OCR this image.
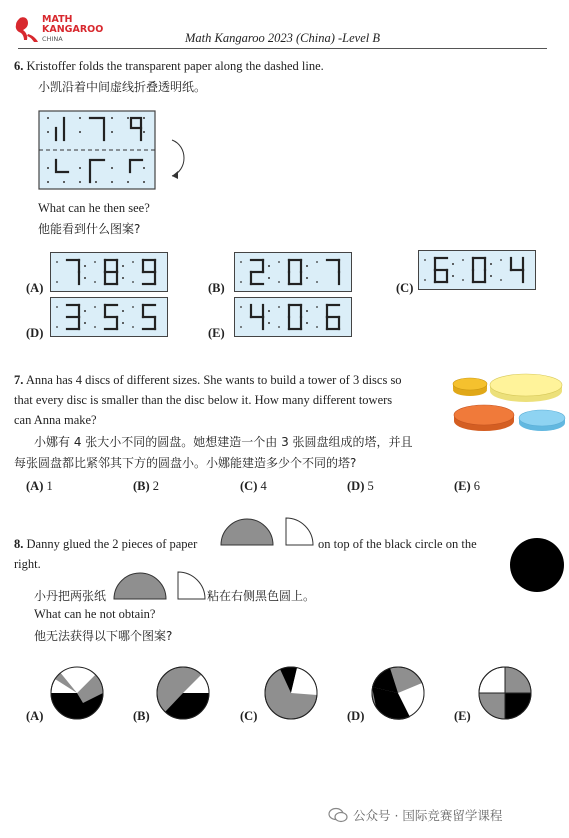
MATH
KANGAROO
CHINA	Math Kangaroo 2023 (China) -Level B
6. Kristoffer folds the transparent paper along the dashed line.
小凯沿着中间虚线折叠透明纸。
What can he then see?
他能看到什么图案?
(A)	(B)	(C)
(D)	(E)
7. Anna has 4 discs of different sizes. She wants to build a tower of 3 discs so
that every disc is smaller than the disc below it. How many different towers
can Anna make?
小娜有 4 张大小不同的圆盘。她想建造一个由 3 张圆盘组成的塔，并且
每张圆盘都比紧邻其下方的圆盘小。小娜能建造多少个不同的塔?
(A) 1	(B) 2	(C) 4	(D) 5	(E) 6
8. Danny glued the 2 pieces of paper	on top of the black circle on the
right.
小丹把两张纸	粘在右侧黑色圆上。
What can he not obtain?
他无法获得以下哪个图案?
(A)	(B)	(C)	(D)	(E)
公众号 · 国际竞赛留学课程
